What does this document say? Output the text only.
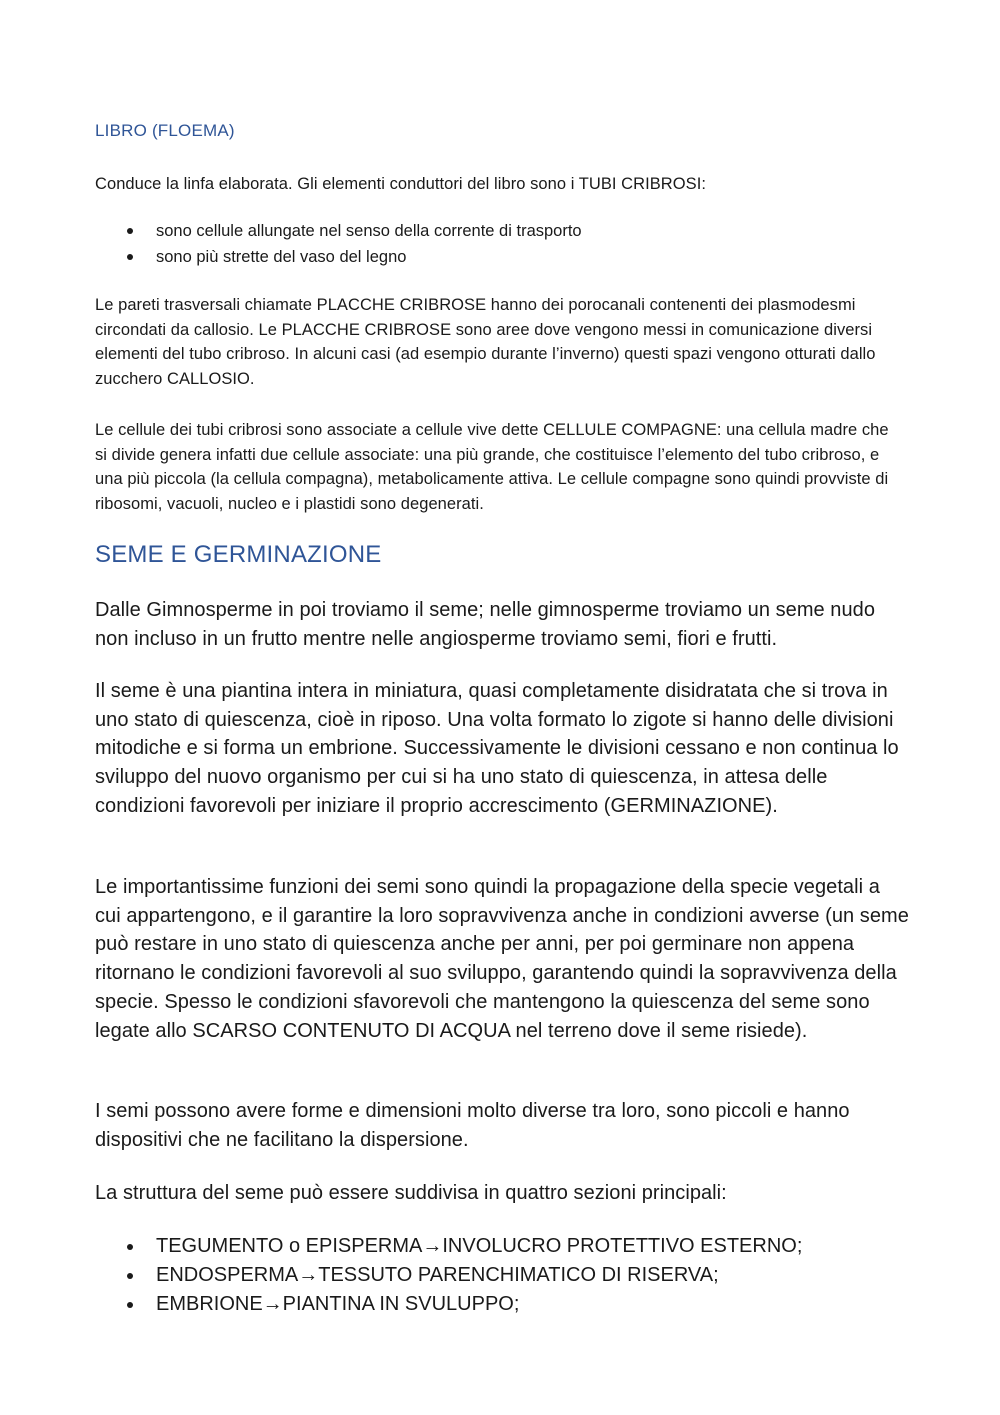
LIBRO (FLOEMA)

Conduce la linfa elaborata. Gli elementi conduttori del libro sono i TUBI CRIBROSI:

sono cellule allungate nel senso della corrente di trasporto
sono più strette del vaso del legno

Le pareti trasversali chiamate PLACCHE CRIBROSE hanno dei porocanali contenenti dei plasmodesmi circondati da callosio. Le PLACCHE CRIBROSE sono aree dove vengono messi in comunicazione diversi elementi del tubo cribroso. In alcuni casi (ad esempio durante l’inverno) questi spazi vengono otturati dallo zucchero CALLOSIO.

Le cellule dei tubi cribrosi sono associate a cellule vive dette CELLULE COMPAGNE: una cellula madre che si divide genera infatti due cellule associate: una più grande, che costituisce l’elemento del tubo cribroso, e una più piccola (la cellula compagna), metabolicamente attiva. Le cellule compagne sono quindi provviste di ribosomi, vacuoli, nucleo e i plastidi sono degenerati.

SEME E GERMINAZIONE

Dalle Gimnosperme in poi troviamo il seme; nelle gimnosperme troviamo un seme nudo non incluso in un frutto mentre nelle angiosperme troviamo semi, fiori e frutti.

Il seme è una piantina intera in miniatura, quasi completamente disidratata che si trova in uno stato di quiescenza, cioè in riposo. Una volta formato lo zigote si hanno delle divisioni mitodiche e si forma un embrione. Successivamente le divisioni cessano e non continua lo sviluppo del nuovo organismo per cui si ha uno stato di quiescenza, in attesa delle condizioni favorevoli per iniziare il proprio accrescimento (GERMINAZIONE).

Le importantissime funzioni dei semi sono quindi la propagazione della specie vegetali a cui appartengono, e il garantire la loro sopravvivenza anche in condizioni avverse (un seme può restare in uno stato di quiescenza anche per anni, per poi germinare non appena ritornano le condizioni favorevoli al suo sviluppo, garantendo quindi la sopravvivenza della specie. Spesso le condizioni sfavorevoli che mantengono la quiescenza del seme sono legate allo SCARSO CONTENUTO DI ACQUA nel terreno dove il seme risiede).

I semi possono avere forme e dimensioni molto diverse tra loro, sono piccoli e hanno dispositivi che ne facilitano la dispersione.

La struttura del seme può essere suddivisa in quattro sezioni principali:

TEGUMENTO o EPISPERMA→INVOLUCRO PROTETTIVO ESTERNO;
ENDOSPERMA→TESSUTO PARENCHIMATICO DI RISERVA;
EMBRIONE→PIANTINA IN SVULUPPO;
